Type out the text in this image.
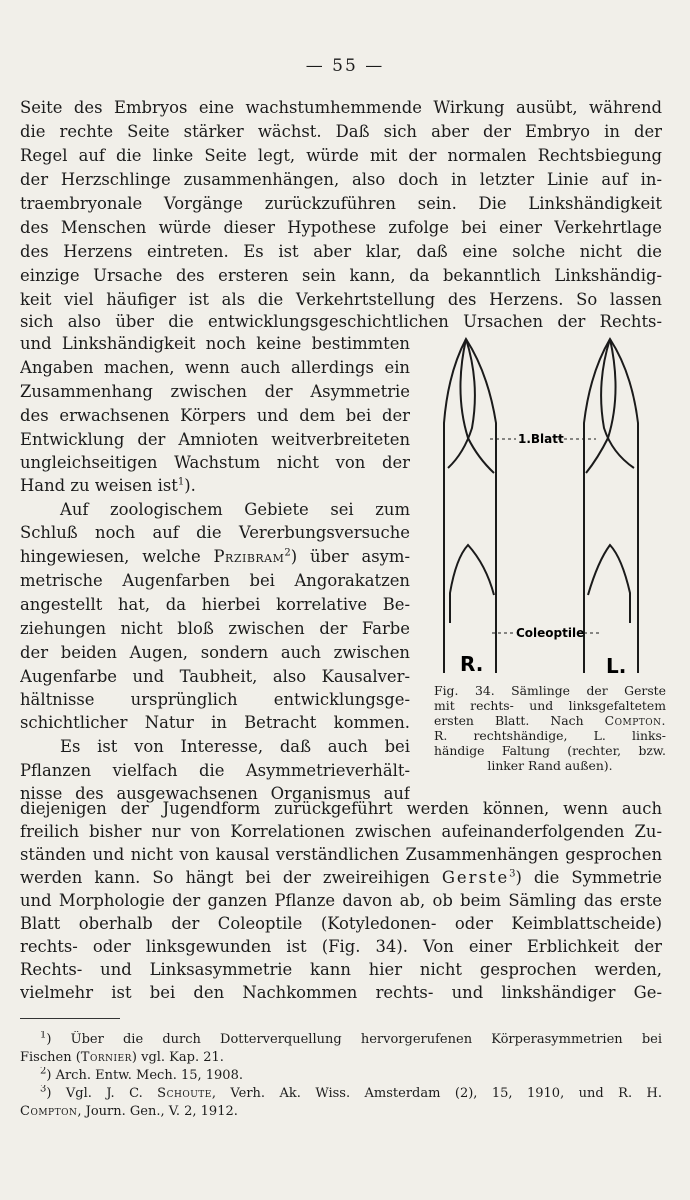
— 55 —
Seite des Embryos eine wachstumhemmende Wirkung ausübt, während
die rechte Seite stärker wächst. Daß sich aber der Embryo in der
Regel auf die linke Seite legt, würde mit der normalen Rechtsbiegung
der Herzschlinge zusammenhängen, also doch in letzter Linie auf in-
traembryonale Vorgänge zurückzuführen sein. Die Linkshändigkeit
des Menschen würde dieser Hypothese zufolge bei einer Verkehrtlage
des Herzens eintreten. Es ist aber klar, daß eine solche nicht die
einzige Ursache des ersteren sein kann, da bekanntlich Linkshändig-
keit viel häufiger ist als die Verkehrtstellung des Herzens. So lassen
sich also über die entwicklungsgeschichtlichen Ursachen der Rechts-
und Linkshändigkeit noch keine bestimmten
Angaben machen, wenn auch allerdings ein
Zusammenhang zwischen der Asymmetrie
des erwachsenen Körpers und dem bei der
Entwicklung der Amnioten weitverbreiteten
ungleichseitigen Wachstum nicht von der
Hand zu weisen ist$^1$).
Auf zoologischem Gebiete sei zum
Schluß noch auf die Vererbungsversuche
hingewiesen, welche Przibram$^2$) über asym-
metrische Augenfarben bei Angorakatzen
angestellt hat, da hierbei korrelative Be-
ziehungen nicht bloß zwischen der Farbe
der beiden Augen, sondern auch zwischen
Augenfarbe und Taubheit, also Kausalver-
hältnisse ursprünglich entwicklungsge-
schichtlicher Natur in Betracht kommen.
Es ist von Interesse, daß auch bei
Pflanzen vielfach die Asymmetrieverhält-
nisse des ausgewachsenen Organismus auf
1.Blatt
Coleoptile
R.	L.
Fig. 34. Sämlinge der Gerste
mit rechts- und linksgefaltetem
ersten Blatt. Nach Compton.
R. rechtshändige, L. links-
händige Faltung (rechter, bzw.
linker Rand außen).
diejenigen der Jugendform zurückgeführt werden können, wenn auch
freilich bisher nur von Korrelationen zwischen aufeinanderfolgenden Zu-
ständen und nicht von kausal verständlichen Zusammenhängen gesprochen
werden kann. So hängt bei der zweireihigen Gerste$^3$) die Symmetrie
und Morphologie der ganzen Pflanze davon ab, ob beim Sämling das erste
Blatt oberhalb der Coleoptile (Kotyledonen- oder Keimblattscheide)
rechts- oder linksgewunden ist (Fig. 34). Von einer Erblichkeit der
Rechts- und Linksasymmetrie kann hier nicht gesprochen werden,
vielmehr ist bei den Nachkommen rechts- und linkshändiger Ge-
$^1$) Über die durch Dotterverquellung hervorgerufenen Körperasymmetrien bei
Fischen (Tornier) vgl. Kap. 21.
$^2$) Arch. Entw. Mech. 15, 1908.
$^3$) Vgl. J. C. Schoute, Verh. Ak. Wiss. Amsterdam (2), 15, 1910, und R. H.
Compton, Journ. Gen., V. 2, 1912.
